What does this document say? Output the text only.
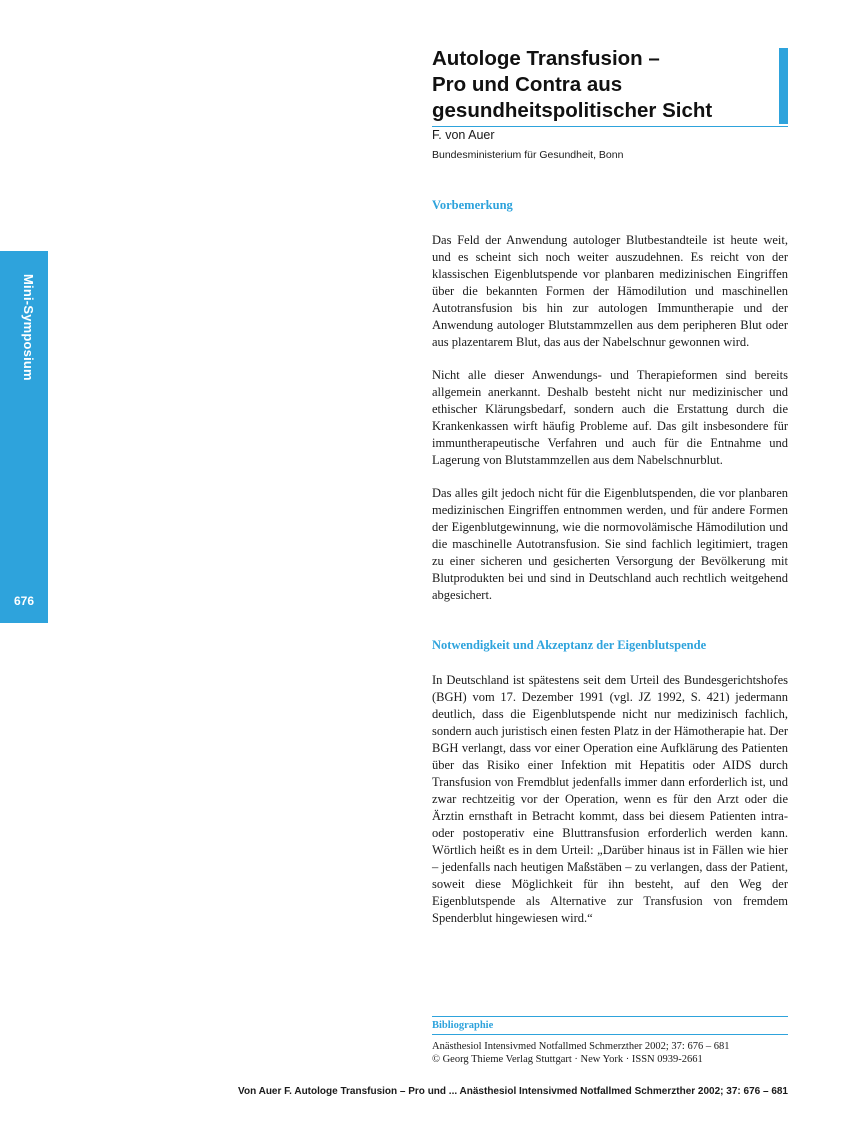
Mini-Symposium
676
Autologe Transfusion –
Pro und Contra aus
gesundheitspolitischer Sicht
F. von Auer
Bundesministerium für Gesundheit, Bonn
Vorbemerkung

Das Feld der Anwendung autologer Blutbestandteile ist heute weit, und es scheint sich noch weiter auszudehnen. Es reicht von der klassischen Eigenblutspende vor planbaren medizinischen Eingriffen über die bekannten Formen der Hämodilution und maschinellen Autotransfusion bis hin zur autologen Immuntherapie und der Anwendung autologer Blutstammzellen aus dem peripheren Blut oder aus plazentarem Blut, das aus der Nabelschnur gewonnen wird.

Nicht alle dieser Anwendungs- und Therapieformen sind bereits allgemein anerkannt. Deshalb besteht nicht nur medizinischer und ethischer Klärungsbedarf, sondern auch die Erstattung durch die Krankenkassen wirft häufig Probleme auf. Das gilt insbesondere für immuntherapeutische Verfahren und auch für die Entnahme und Lagerung von Blutstammzellen aus dem Nabelschnurblut.

Das alles gilt jedoch nicht für die Eigenblutspenden, die vor planbaren medizinischen Eingriffen entnommen werden, und für andere Formen der Eigenblutgewinnung, wie die normovolämische Hämodilution und die maschinelle Autotransfusion. Sie sind fachlich legitimiert, tragen zu einer sicheren und gesicherten Versorgung der Bevölkerung mit Blutprodukten bei und sind in Deutschland auch rechtlich weitgehend abgesichert.

Notwendigkeit und Akzeptanz der Eigenblutspende

In Deutschland ist spätestens seit dem Urteil des Bundesgerichtshofes (BGH) vom 17. Dezember 1991 (vgl. JZ 1992, S. 421) jedermann deutlich, dass die Eigenblutspende nicht nur medizinisch fachlich, sondern auch juristisch einen festen Platz in der Hämotherapie hat. Der BGH verlangt, dass vor einer Operation eine Aufklärung des Patienten über das Risiko einer Infektion mit Hepatitis oder AIDS durch Transfusion von Fremdblut jedenfalls immer dann erforderlich ist, und zwar rechtzeitig vor der Operation, wenn es für den Arzt oder die Ärztin ernsthaft in Betracht kommt, dass bei diesem Patienten intra- oder postoperativ eine Bluttransfusion erforderlich werden kann. Wörtlich heißt es in dem Urteil: „Darüber hinaus ist in Fällen wie hier – jedenfalls nach heutigen Maßstäben – zu verlangen, dass der Patient, soweit diese Möglichkeit für ihn besteht, auf den Weg der Eigenblutspende als Alternative zur Transfusion von fremdem Spenderblut hingewiesen wird.“

Bibliographie
Anästhesiol Intensivmed Notfallmed Schmerzther 2002; 37: 676 – 681
© Georg Thieme Verlag Stuttgart · New York · ISSN 0939-2661
Von Auer F. Autologe Transfusion – Pro und ... Anästhesiol Intensivmed Notfallmed Schmerzther 2002; 37: 676 – 681
